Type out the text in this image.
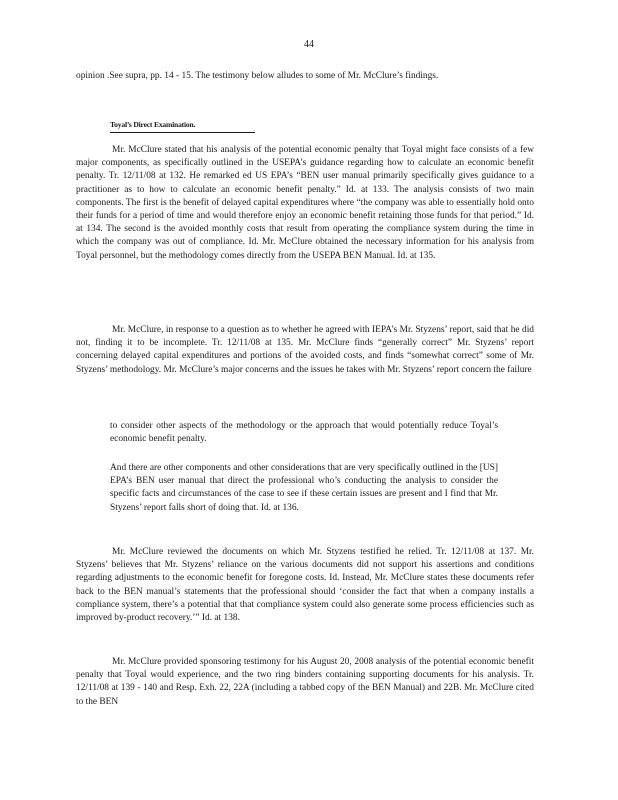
44

opinion .See supra, pp. 14 - 15. The testimony below alludes to some of Mr. McClure’s findings.

Toyal’s Direct Examination.

Mr. McClure stated that his analysis of the potential economic penalty that Toyal might face consists of a few major components, as specifically outlined in the USEPA’s guidance regarding how to calculate an economic benefit penalty. Tr. 12/11/08 at 132. He remarked ed US EPA’s “BEN user manual primarily specifically gives guidance to a practitioner as to how to calculate an economic benefit penalty.” Id. at 133. The analysis consists of two main components. The first is the benefit of delayed capital expenditures where “the company was able to essentially hold onto their funds for a period of time and would therefore enjoy an economic benefit retaining those funds for that period.” Id. at 134. The second is the avoided monthly costs that result from operating the compliance system during the time in which the company was out of compliance. Id. Mr. McClure obtained the necessary information for his analysis from Toyal personnel, but the methodology comes directly from the USEPA BEN Manual. Id. at 135.

Mr. McClure, in response to a question as to whether he agreed with IEPA’s Mr. Styzens’ report, said that he did not, finding it to be incomplete. Tr. 12/11/08 at 135. Mr. McClure finds “generally correct” Mr. Styzens’ report concerning delayed capital expenditures and portions of the avoided costs, and finds “somewhat correct” some of Mr. Styzens’ methodology. Mr. McClure’s major concerns and the issues he takes with Mr. Styzens’ report concern the failure

to consider other aspects of the methodology or the approach that would potentially reduce Toyal’s economic benefit penalty.

And there are other components and other considerations that are very specifically outlined in the [US] EPA’s BEN user manual that direct the professional who’s conducting the analysis to consider the specific facts and circumstances of the case to see if these certain issues are present and I find that Mr. Styzens’ report falls short of doing that. Id. at 136.

Mr. McClure reviewed the documents on which Mr. Styzens testified he relied. Tr. 12/11/08 at 137. Mr. Styzens’ believes that Mr. Styzens’ reliance on the various documents did not support his assertions and conditions regarding adjustments to the economic benefit for foregone costs. Id. Instead, Mr. McClure states these documents refer back to the BEN manual’s statements that the professional should ‘consider the fact that when a company installs a compliance system, there’s a potential that that compliance system could also generate some process efficiencies such as improved by-product recovery.’” Id. at 138.

Mr. McClure provided sponsoring testimony for his August 20, 2008 analysis of the potential economic benefit penalty that Toyal would experience, and the two ring binders containing supporting documents for his analysis. Tr. 12/11/08 at 139 - 140 and Resp. Exh. 22, 22A (including a tabbed copy of the BEN Manual) and 22B. Mr. McClure cited to the BEN
